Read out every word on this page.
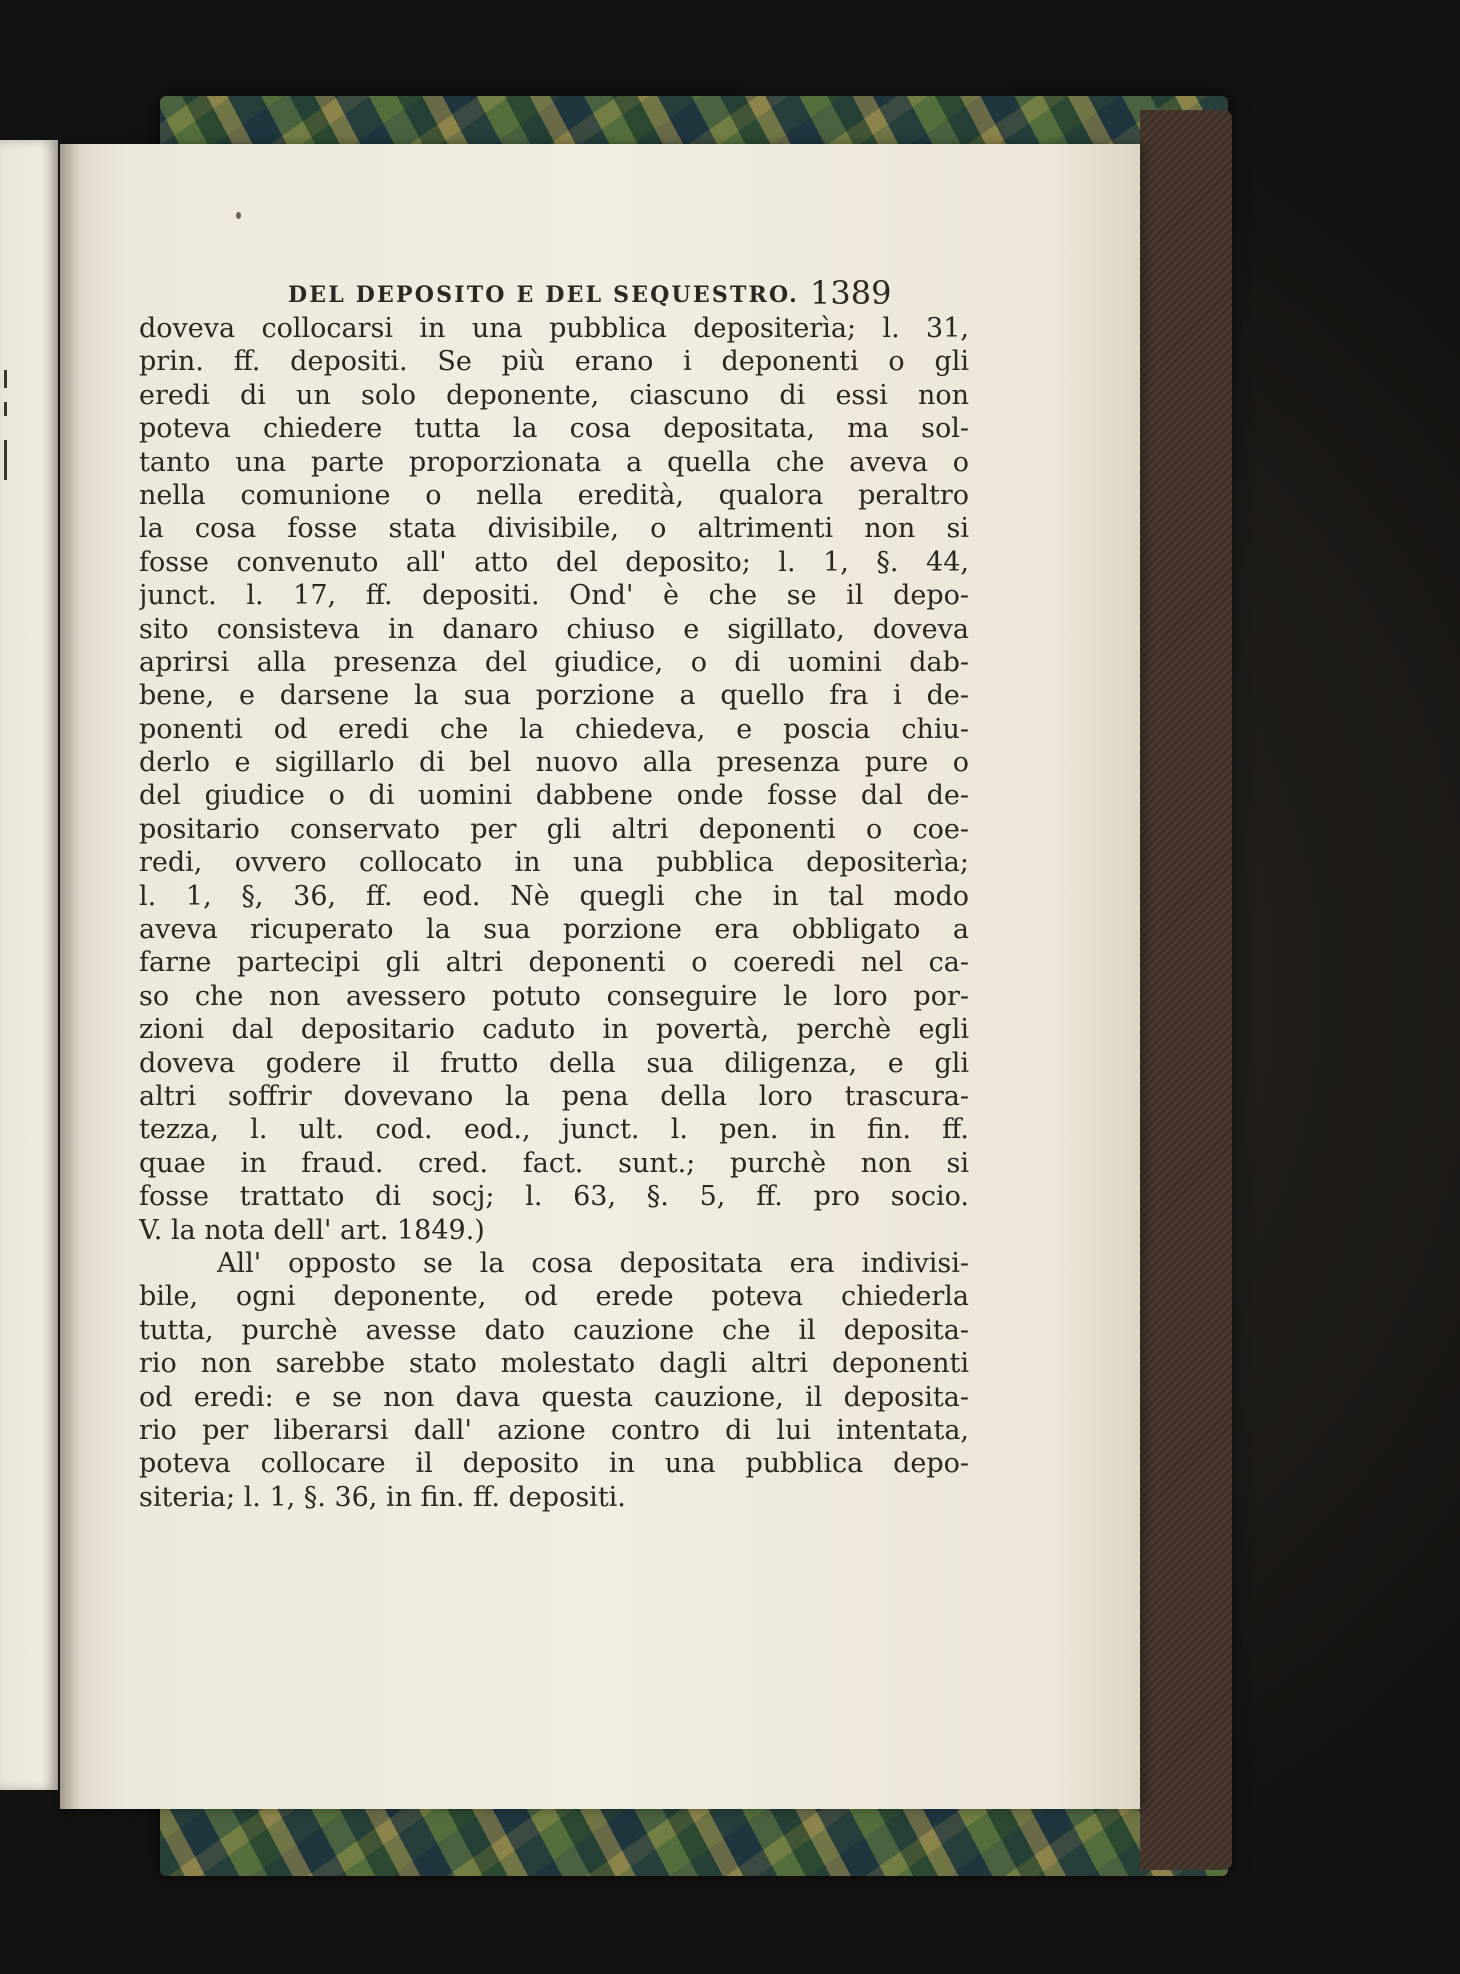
DEL DEPOSITO E DEL SEQUESTRO. 1389
doveva collocarsi in una pubblica depositerìa; l. 31,
prin. ff. depositi. Se più erano i deponenti o gli
eredi di un solo deponente, ciascuno di essi non
poteva chiedere tutta la cosa depositata, ma sol-
tanto una parte proporzionata a quella che aveva o
nella comunione o nella eredità, qualora peraltro
la cosa fosse stata divisibile, o altrimenti non si
fosse convenuto all' atto del deposito; l. 1, §. 44,
junct. l. 17, ff. depositi. Ond' è che se il depo-
sito consisteva in danaro chiuso e sigillato, doveva
aprirsi alla presenza del giudice, o di uomini dab-
bene, e darsene la sua porzione a quello fra i de-
ponenti od eredi che la chiedeva, e poscia chiu-
derlo e sigillarlo di bel nuovo alla presenza pure o
del giudice o di uomini dabbene onde fosse dal de-
positario conservato per gli altri deponenti o coe-
redi, ovvero collocato in una pubblica depositerìa;
l. 1, §, 36, ff. eod. Nè quegli che in tal modo
aveva ricuperato la sua porzione era obbligato a
farne partecipi gli altri deponenti o coeredi nel ca-
so che non avessero potuto conseguire le loro por-
zioni dal depositario caduto in povertà, perchè egli
doveva godere il frutto della sua diligenza, e gli
altri soffrir dovevano la pena della loro trascura-
tezza, l. ult. cod. eod., junct. l. pen. in fin. ff.
quae in fraud. cred. fact. sunt.; purchè non si
fosse trattato di socj; l. 63, §. 5, ff. pro socio.
V. la nota dell' art. 1849.)
All' opposto se la cosa depositata era indivisi-
bile, ogni deponente, od erede poteva chiederla
tutta, purchè avesse dato cauzione che il deposita-
rio non sarebbe stato molestato dagli altri deponenti
od eredi: e se non dava questa cauzione, il deposita-
rio per liberarsi dall' azione contro di lui intentata,
poteva collocare il deposito in una pubblica depo-
siteria; l. 1, §. 36, in fin. ff. depositi.
